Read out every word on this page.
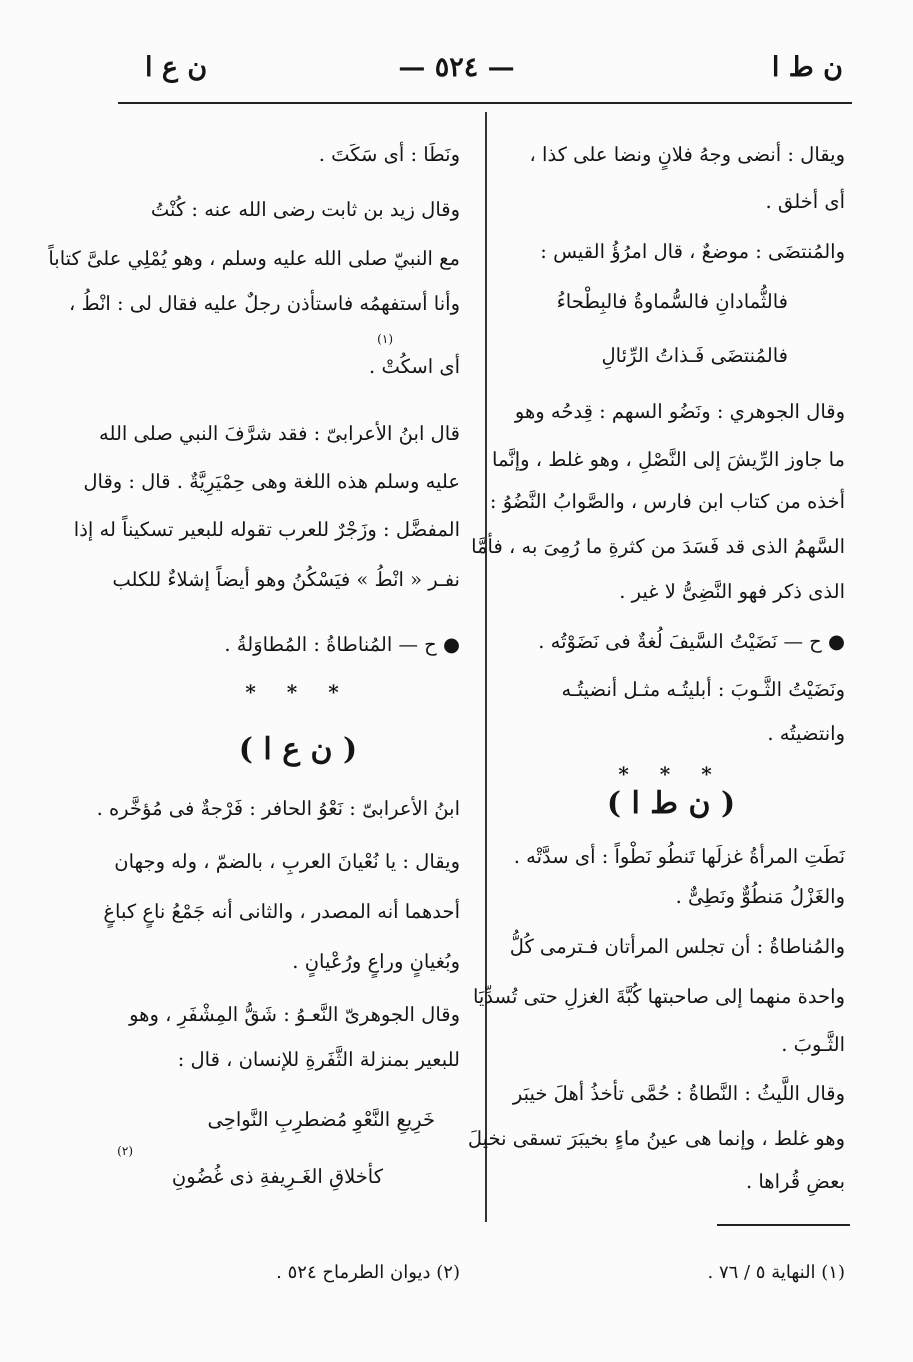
ن ط ا
— ٥٢٤ —
ن ع ا
ويقال : أنضى وجهُ فلانٍ ونضا على كذا ،
أى أخلق .
والمُنتضَى : موضعٌ ، قال امرُؤُ القيس :
فالثُّمادانِ فالسُّماوةُ فالبِطْحاءُ
فالمُنتضَى فَـذاتُ الرِّئالِ
وقال الجوهري : ونَضُو السهم : قِدحُه وهو
ما جاوز الرِّيشَ إلى النَّصْلِ ، وهو غلط ، وإنَّما
أخذه من كتاب ابن فارس ، والصَّوابُ النَّضُوُ :
السَّهمُ الذى قد فَسَدَ من كثرةِ ما رُمِىَ به ، فأمَّا
الذى ذكر فهو النَّضِىُّ لا غير .
● ح — نَضَيْتُ السَّيفَ لُغةٌ فى نَضَوْتُه .
ونَضَيْتُ الثَّـوبَ : أبليتُـه مثـل أنضيتُـه
وانتضيتُه .
* * *
( ن ط ا )
نَطَتِ المرأةُ غزلَها تَنطُو نَطْواً : أى سدَّتْه .
والغَزْلُ مَنطُوٌّ ونَطِىٌّ .
والمُناطاةُ : أن تجلس المرأتان فـترمى كُلُّ
واحدة منهما إلى صاحبتها كُبَّةَ الغزلِ حتى تُسدِّيَا
الثَّـوبَ .
وقال اللَّيثُ : النَّطاةُ : حُمَّى تأخذُ أهلَ خيبَر
وهو غلط ، وإنما هى عينُ ماءٍ بخيبَرَ تسقى نخيلَ
بعضِ قُراها .
ونَطَا : أى سَكَتَ .
وقال زيد بن ثابت رضى الله عنه : كُنْتُ
مع النبيّ صلى الله عليه وسلم ، وهو يُمْلِي علىَّ كتاباً
وأنا أستفهمُه فاستأذن رجلٌ عليه فقال لى : انْطُ ،
(١)
أى اسكُتْ .
قال ابنُ الأعرابىّ : فقد شرَّفَ النبي صلى الله
عليه وسلم هذه اللغة وهى حِمْيَرِيَّةٌ . قال : وقال
المفضَّل : وزَجْرٌ للعرب تقوله للبعير تسكيناً له إذا
نفـر « انْطُ » فيَسْكُنُ وهو أيضاً إشلاءٌ للكلب
● ح — المُناطاةُ : المُطاوَلةُ .
* * *
( ن ع ا )
ابنُ الأعرابىّ : نَعْوُ الحافر : فَرْجةٌ فى مُؤخَّره .
ويقال : يا نُعْيانَ العربِ ، بالضمّ ، وله وجهان
أحدهما أنه المصدر ، والثانى أنه جَمْعُ ناعٍ كباغٍ
وبُغيانٍ وراعٍ ورُعْيانٍ .
وقال الجوهرىّ النَّعـوُ : شَقُّ المِشْفَرِ ، وهو
للبعير بمنزلة الثَّفَرةِ للإنسان ، قال :
خَرِيعِ النَّعْوِ مُضطرِبِ النَّواحِى
(٢)
كأخلاقِ الغَـرِيفةِ ذى غُضُونِ
(١) النهاية ٥ / ٧٦ .
(٢) ديوان الطرماح ٥٢٤ .
